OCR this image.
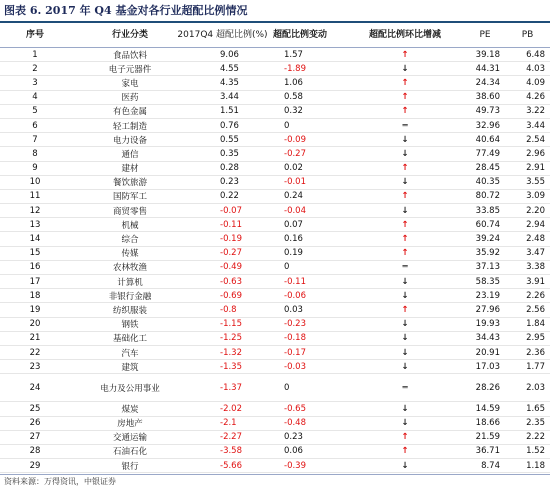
图表 6. 2017 年 Q4 基金对各行业超配比例情况
序号	行业分类	2017Q4 超配比例(%) 超配比例变动	超配比例环比增减	PE	PB
1	食品饮料	9.06	1.57	↑	39.18	6.48
2	电子元器件	4.55	-1.89	↓	44.31	4.03
3	家电	4.35	1.06	↑	24.34	4.09
4	医药	3.44	0.58	↑	38.60	4.26
5	有色金属	1.51	0.32	↑	49.73	3.22
6	轻工制造	0.76	0	═	32.96	3.44
7	电力设备	0.55	-0.09	↓	40.64	2.54
8	通信	0.35	-0.27	↓	77.49	2.96
9	建材	0.28	0.02	↑	28.45	2.91
10	餐饮旅游	0.23	-0.01	↓	40.35	3.55
11	国防军工	0.22	0.24	↑	80.72	3.09
12	商贸零售	-0.07	-0.04	↓	33.85	2.20
13	机械	-0.11	0.07	↑	60.74	2.94
14	综合	-0.19	0.16	↑	39.24	2.48
15	传媒	-0.27	0.19	↑	35.92	3.47
16	农林牧渔	-0.49	0	═	37.13	3.38
17	计算机	-0.63	-0.11	↓	58.35	3.91
18	非银行金融	-0.69	-0.06	↓	23.19	2.26
19	纺织服装	-0.8	0.03	↑	27.96	2.56
20	钢铁	-1.15	-0.23	↓	19.93	1.84
21	基础化工	-1.25	-0.18	↓	34.43	2.95
22	汽车	-1.32	-0.17	↓	20.91	2.36
23	建筑	-1.35	-0.03	↓	17.03	1.77
24	电力及公用事业	-1.37	0	═	28.26	2.03
25	煤炭	-2.02	-0.65	↓	14.59	1.65
26	房地产	-2.1	-0.48	↓	18.66	2.35
27	交通运输	-2.27	0.23	↑	21.59	2.22
28	石油石化	-3.58	0.06	↑	36.71	1.52
29	银行	-5.66	-0.39	↓	8.74	1.18
资料来源：万得资讯，中银证券
